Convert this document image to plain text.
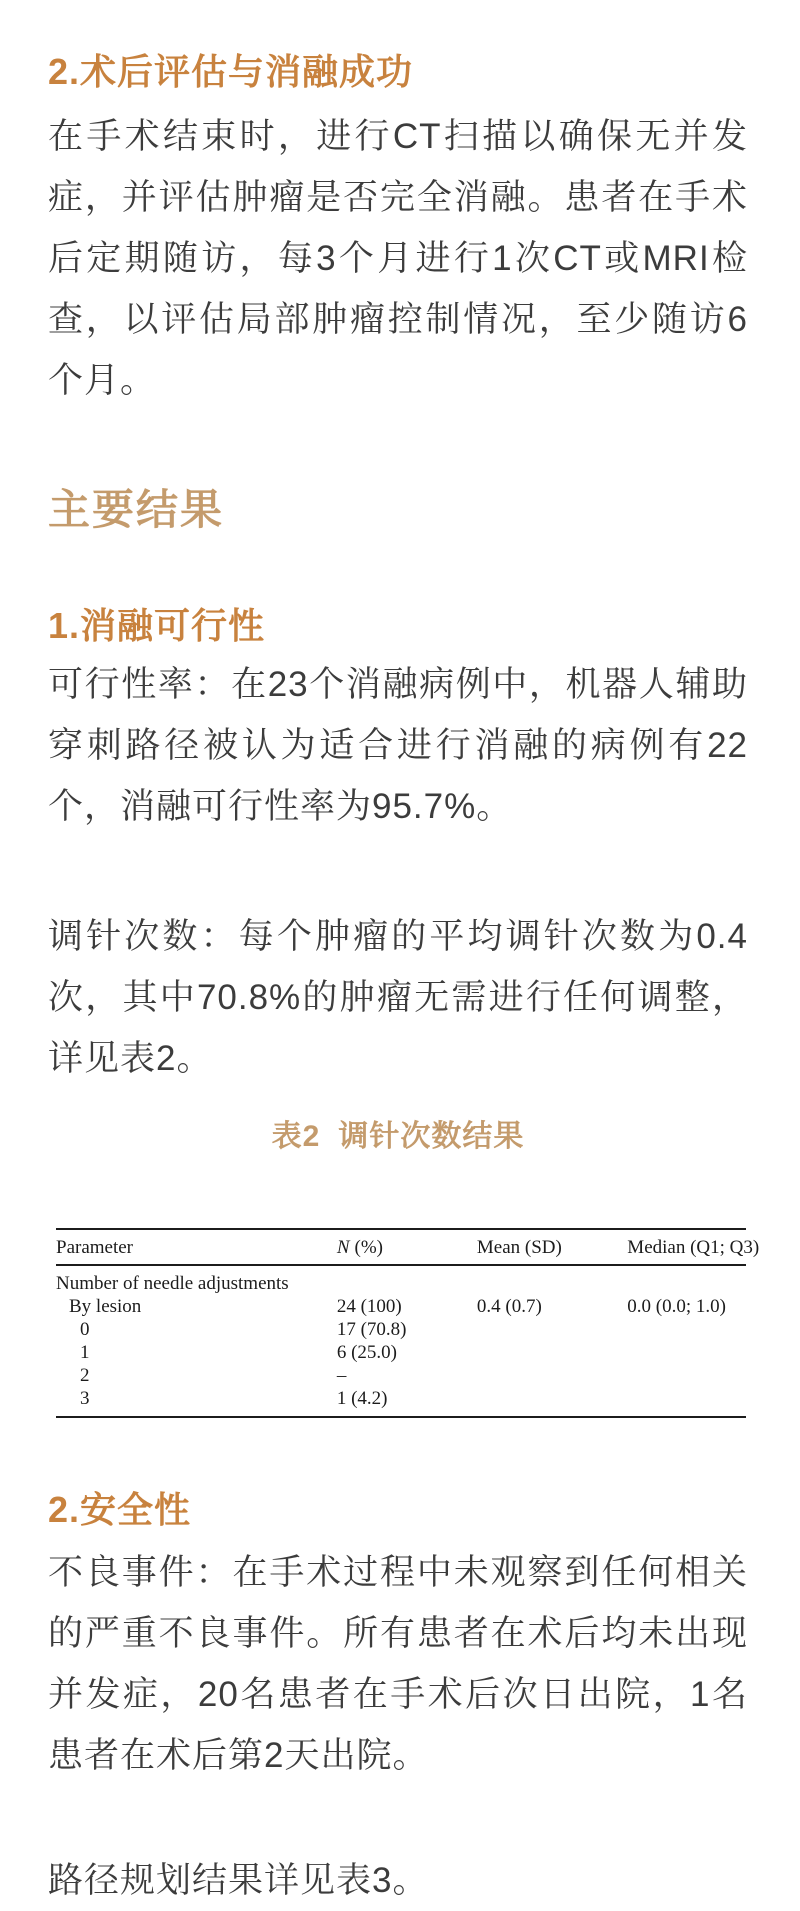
2.术后评估与消融成功

在手术结束时，进行CT扫描以确保无并发症，并评估肿瘤是否完全消融。患者在手术后定期随访，每3个月进行1次CT或MRI检查，以评估局部肿瘤控制情况，至少随访6个月。

主要结果
1.消融可行性

可行性率：在23个消融病例中，机器人辅助穿刺路径被认为适合进行消融的病例有22个，消融可行性率为95.7%。

调针次数：每个肿瘤的平均调针次数为0.4次，其中70.8%的肿瘤无需进行任何调整，详见表2。

表2 调针次数结果
Parameter	N (%)	Mean (SD)	Median (Q1; Q3)
Number of needle adjustments
By lesion	24 (100)	0.4 (0.7)	0.0 (0.0; 1.0)
0	17 (70.8)
1	6 (25.0)
2	–
3	1 (4.2)
2.安全性

不良事件：在手术过程中未观察到任何相关的严重不良事件。所有患者在术后均未出现并发症，20名患者在手术后次日出院，1名患者在术后第2天出院。

路径规划结果详见表3。
